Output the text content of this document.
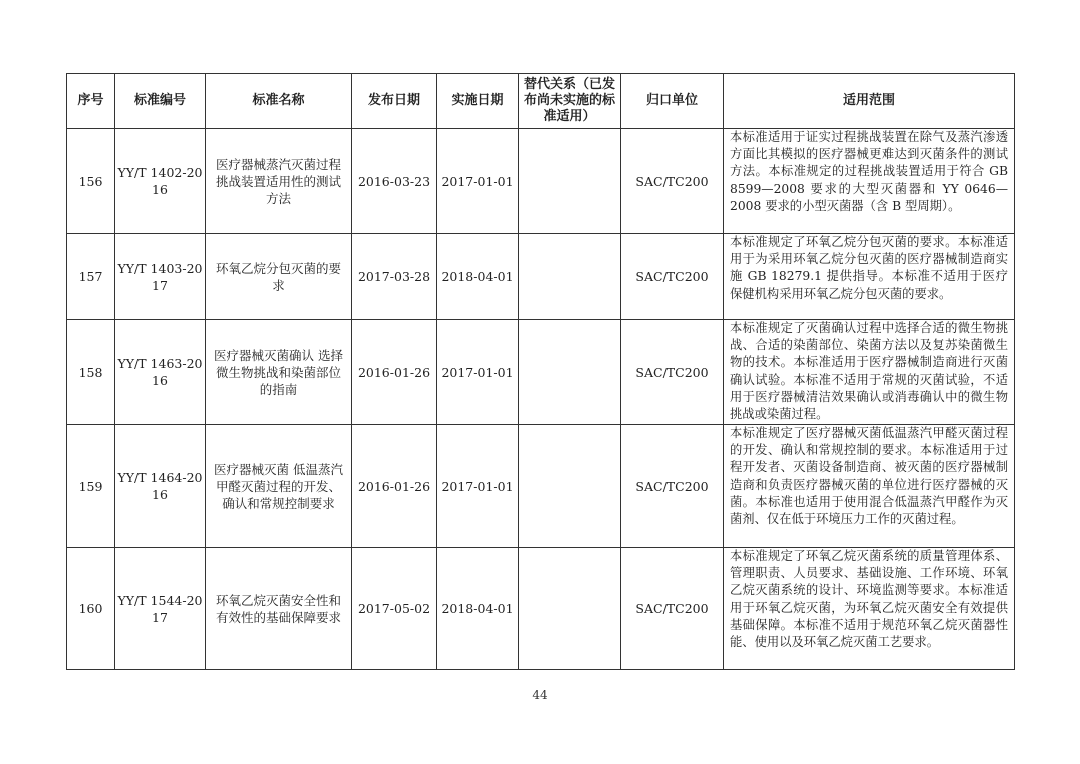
序号	标准编号	标准名称	发布日期	实施日期	替代关系（已发布尚未实施的标准适用）	归口单位	适用范围
156	YY/T 1402-2016	医疗器械蒸汽灭菌过程挑战装置适用性的测试方法	2016-03-23	2017-01-01		SAC/TC200	本标准适用于证实过程挑战装置在除气及蒸汽渗透方面比其模拟的医疗器械更难达到灭菌条件的测试方法。本标准规定的过程挑战装置适用于符合 GB 8599—2008 要求的大型灭菌器和 YY 0646—2008 要求的小型灭菌器（含 B 型周期）。
157	YY/T 1403-2017	环氧乙烷分包灭菌的要求	2017-03-28	2018-04-01		SAC/TC200	本标准规定了环氧乙烷分包灭菌的要求。本标准适用于为采用环氧乙烷分包灭菌的医疗器械制造商实施 GB 18279.1 提供指导。本标准不适用于医疗保健机构采用环氧乙烷分包灭菌的要求。
158	YY/T 1463-2016	医疗器械灭菌确认 选择微生物挑战和染菌部位的指南	2016-01-26	2017-01-01		SAC/TC200	本标准规定了灭菌确认过程中选择合适的微生物挑战、合适的染菌部位、染菌方法以及复苏染菌微生物的技术。本标准适用于医疗器械制造商进行灭菌确认试验。本标准不适用于常规的灭菌试验，不适用于医疗器械清洁效果确认或消毒确认中的微生物挑战或染菌过程。
159	YY/T 1464-2016	医疗器械灭菌 低温蒸汽甲醛灭菌过程的开发、确认和常规控制要求	2016-01-26	2017-01-01		SAC/TC200	本标准规定了医疗器械灭菌低温蒸汽甲醛灭菌过程的开发、确认和常规控制的要求。本标准适用于过程开发者、灭菌设备制造商、被灭菌的医疗器械制造商和负责医疗器械灭菌的单位进行医疗器械的灭菌。本标准也适用于使用混合低温蒸汽甲醛作为灭菌剂、仅在低于环境压力工作的灭菌过程。
160	YY/T 1544-2017	环氧乙烷灭菌安全性和有效性的基础保障要求	2017-05-02	2018-04-01		SAC/TC200	本标准规定了环氧乙烷灭菌系统的质量管理体系、管理职责、人员要求、基础设施、工作环境、环氧乙烷灭菌系统的设计、环境监测等要求。本标准适用于环氧乙烷灭菌，为环氧乙烷灭菌安全有效提供基础保障。本标准不适用于规范环氧乙烷灭菌器性能、使用以及环氧乙烷灭菌工艺要求。
44
